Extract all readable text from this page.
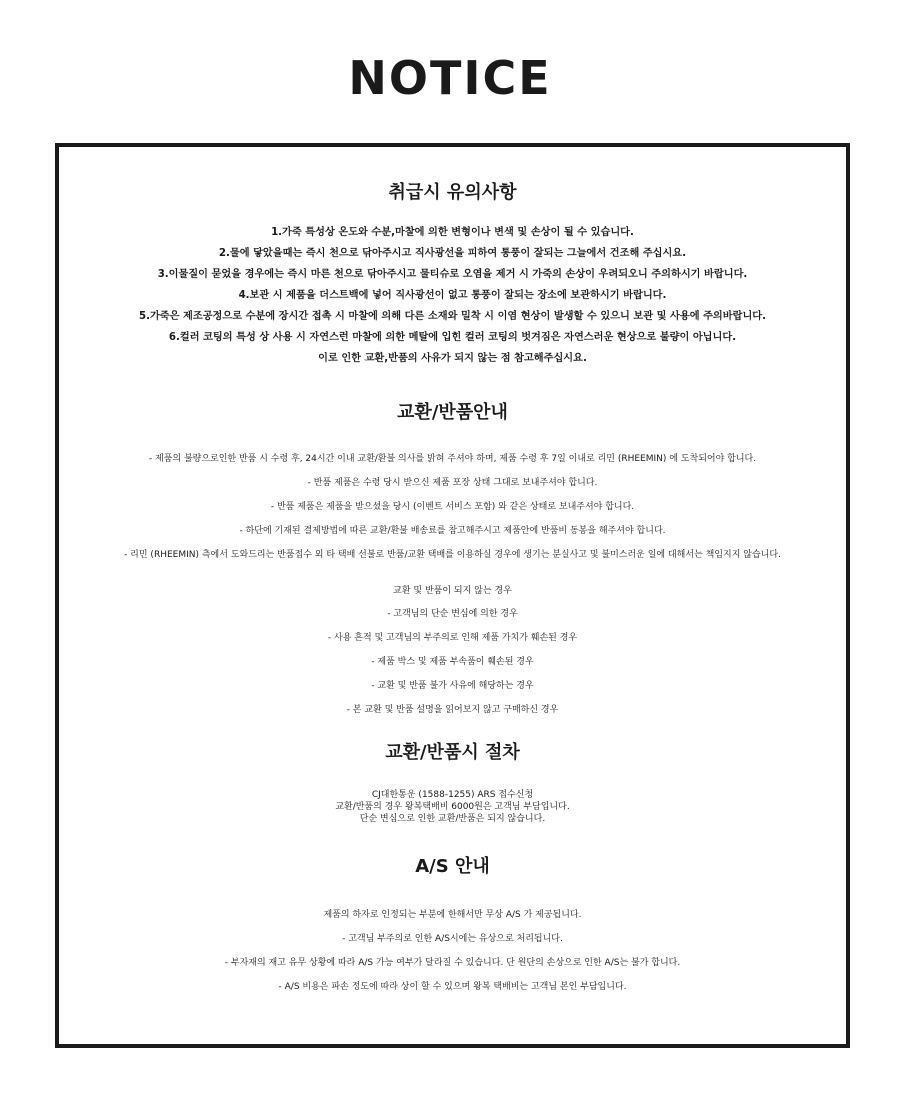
NOTICE
취급시 유의사항
1.가죽 특성상 온도와 수분,마찰에 의한 변형이나 변색 및 손상이 될 수 있습니다.
2.물에 닿았을때는 즉시 천으로 닦아주시고 직사광선을 피하여 통풍이 잘되는 그늘에서 건조해 주십시요.
3.이물질이 묻었을 경우에는 즉시 마른 천으로 닦아주시고 물티슈로 오염을 제거 시 가죽의 손상이 우려되오니 주의하시기 바랍니다.
4.보관 시 제품을 더스트백에 넣어 직사광선이 없고 통풍이 잘되는 장소에 보관하시기 바랍니다.
5.가죽은 제조공정으로 수분에 장시간 접촉 시 마찰에 의해 다른 소재와 밀착 시 이염 현상이 발생할 수 있으니 보관 및 사용에 주의바랍니다.
6.컬러 코팅의 특성 상 사용 시 자연스런 마찰에 의한 메탈에 입힌 컬러 코팅의 벗겨짐은 자연스러운 현상으로 불량이 아닙니다.
이로 인한 교환,반품의 사유가 되지 않는 점 참고해주십시요.
교환/반품안내
- 제품의 불량으로인한 반품 시 수령 후, 24시간 이내 교환/환불 의사를 밝혀 주셔야 하며, 제품 수령 후 7일 이내로 리민 (RHEEMIN) 에 도착되어야 합니다.
- 반품 제품은 수령 당시 받으신 제품 포장 상태 그대로 보내주셔야 합니다.
- 반품 제품은 제품을 받으셨을 당시 (이벤트 서비스 포함) 와 같은 상태로 보내주셔야 합니다.
- 하단에 기재된 결제방법에 따른 교환/환불 배송료를 참고해주시고 제품안에 반품비 동봉을 해주셔야 합니다.
- 리민 (RHEEMIN) 측에서 도와드리는 반품접수 외 타 택배 선불로 반품/교환 택배를 이용하실 경우에 생기는 분실사고 및 불미스러운 일에 대해서는 책임지지 않습니다.
교환 및 반품이 되지 않는 경우
- 고객님의 단순 변심에 의한 경우
- 사용 흔적 및 고객님의 부주의로 인해 제품 가치가 훼손된 경우
- 제품 박스 및 제품 부속품이 훼손된 경우
- 교환 및 반품 불가 사유에 해당하는 경우
- 본 교환 및 반품 설명을 읽어보지 않고 구매하신 경우
교환/반품시 절차
CJ대한통운 (1588-1255) ARS 접수신청
교환/반품의 경우 왕복택배비 6000원은 고객님 부담입니다.
단순 변심으로 인한 교환/반품은 되지 않습니다.
A/S 안내
제품의 하자로 인정되는 부분에 한해서만 무상 A/S 가 제공됩니다.
- 고객님 부주의로 인한 A/S시에는 유상으로 처리됩니다.
- 부자재의 재고 유무 상황에 따라 A/S 가능 여부가 달라질 수 있습니다. 단 원단의 손상으로 인한 A/S는 불가 합니다.
- A/S 비용은 파손 정도에 따라 상이 할 수 있으며 왕복 택배비는 고객님 본인 부담입니다.
